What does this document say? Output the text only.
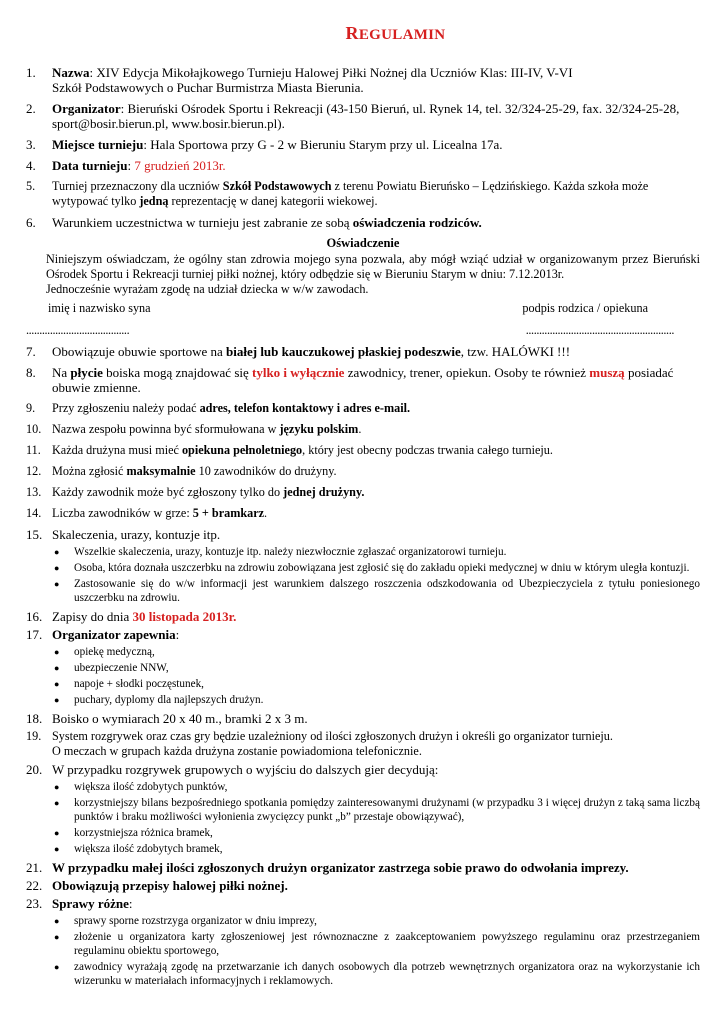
REGULAMIN
1.	Nazwa: XIV Edycja Mikołajkowego Turnieju Halowej Piłki Nożnej dla Uczniów Klas: III-IV, V-VI
Szkół Podstawowych o Puchar Burmistrza Miasta Bierunia.
2.	Organizator: Bieruński Ośrodek Sportu i Rekreacji (43-150 Bieruń, ul. Rynek 14, tel. 32/324-25-29, fax. 32/324-25-28, sport@bosir.bierun.pl, www.bosir.bierun.pl).
3.	Miejsce turnieju: Hala Sportowa przy G - 2 w Bieruniu Starym przy ul. Licealna 17a.
4.	Data turnieju: 7 grudzień 2013r.
5.	Turniej przeznaczony dla uczniów Szkół Podstawowych z terenu Powiatu Bieruńsko – Lędzińskiego. Każda szkoła może wytypować tylko jedną reprezentację w danej kategorii wiekowej.
6.	Warunkiem uczestnictwa w turnieju jest zabranie ze sobą oświadczenia rodziców.
Oświadczenie
Niniejszym oświadczam, że ogólny stan zdrowia mojego syna pozwala, aby mógł wziąć udział w organizowanym przez Bieruński Ośrodek Sportu i Rekreacji turniej piłki nożnej, który odbędzie się w Bieruniu Starym w dniu: 7.12.2013r.
Jednocześnie wyrażam zgodę na udział dziecka w w/w zawodach.
imię i nazwisko syna	podpis rodzica / opiekuna
.......................................	........................................................
7.	Obowiązuje obuwie sportowe na białej lub kauczukowej płaskiej podeszwie, tzw. HALÓWKI !!!
8.	Na płycie boiska mogą znajdować się tylko i wyłącznie zawodnicy, trener, opiekun. Osoby te również muszą posiadać obuwie zmienne.
9.	Przy zgłoszeniu należy podać adres, telefon kontaktowy i adres e-mail.
10. Nazwa zespołu powinna być sformułowana w języku polskim.
11. Każda drużyna musi mieć opiekuna pełnoletniego, który jest obecny podczas trwania całego turnieju.
12. Można zgłosić maksymalnie 10 zawodników do drużyny.
13. Każdy zawodnik może być zgłoszony tylko do jednej drużyny.
14. Liczba zawodników w grze: 5 + bramkarz.
15. Skaleczenia, urazy, kontuzje itp.
●	Wszelkie skaleczenia, urazy, kontuzje itp. należy niezwłocznie zgłaszać organizatorowi turnieju.
●	Osoba, która doznała uszczerbku na zdrowiu zobowiązana jest zgłosić się do zakładu opieki medycznej w dniu w którym uległa kontuzji.
●	Zastosowanie się do w/w informacji jest warunkiem dalszego roszczenia odszkodowania od Ubezpieczyciela z tytułu poniesionego uszczerbku na zdrowiu.
16. Zapisy do dnia 30 listopada 2013r.
17. Organizator zapewnia:
●	opiekę medyczną,
●	ubezpieczenie NNW,
●	napoje + słodki poczęstunek,
●	puchary, dyplomy dla najlepszych drużyn.
18. Boisko o wymiarach 20 x 40 m., bramki 2 x 3 m.
19. System rozgrywek oraz czas gry będzie uzależniony od ilości zgłoszonych drużyn i określi go organizator turnieju.
O meczach w grupach każda drużyna zostanie powiadomiona telefonicznie.
20. W przypadku rozgrywek grupowych o wyjściu do dalszych gier decydują:
●	większa ilość zdobytych punktów,
●	korzystniejszy bilans bezpośredniego spotkania pomiędzy zainteresowanymi drużynami (w przypadku 3 i więcej drużyn z taką sama liczbą punktów i braku możliwości wyłonienia zwycięzcy punkt „b” przestaje obowiązywać),
●	korzystniejsza różnica bramek,
●	większa ilość zdobytych bramek,
21. W przypadku małej ilości zgłoszonych drużyn organizator zastrzega sobie prawo do odwołania imprezy.
22. Obowiązują przepisy halowej piłki nożnej.
23. Sprawy różne:
●	sprawy sporne rozstrzyga organizator w dniu imprezy,
●	złożenie u organizatora karty zgłoszeniowej jest równoznaczne z zaakceptowaniem powyższego regulaminu oraz przestrzeganiem regulaminu obiektu sportowego,
●	zawodnicy wyrażają zgodę na przetwarzanie ich danych osobowych dla potrzeb wewnętrznych organizatora oraz na wykorzystanie ich wizerunku w materiałach informacyjnych i reklamowych.
